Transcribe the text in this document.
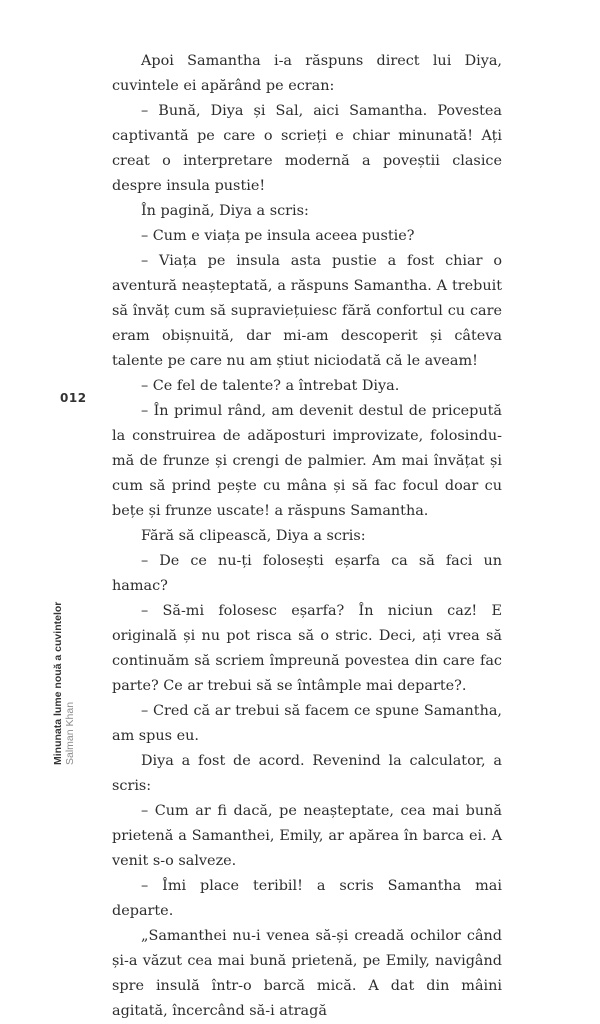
012
Minunata lume nouă a cuvintelor Salman Khan

Apoi Samantha i-a răspuns direct lui Diya, cuvintele ei apărând pe ecran:

– Bună, Diya și Sal, aici Samantha. Povestea captivantă pe care o scrieți e chiar minunată! Ați creat o interpretare modernă a poveștii clasice despre insula pustie!

În pagină, Diya a scris:

– Cum e viața pe insula aceea pustie?

– Viața pe insula asta pustie a fost chiar o aventură neașteptată, a răspuns Samantha. A trebuit să învăț cum să supraviețuiesc fără confortul cu care eram obișnuită, dar mi-am descoperit și câteva talente pe care nu am știut niciodată că le aveam!

– Ce fel de talente? a întrebat Diya.

– În primul rând, am devenit destul de pricepută la construirea de adăposturi improvizate, folosindu-mă de frunze și crengi de palmier. Am mai învățat și cum să prind pește cu mâna și să fac focul doar cu bețe și frunze uscate! a răspuns Samantha.

Fără să clipească, Diya a scris:

– De ce nu-ți folosești eșarfa ca să faci un hamac?

– Să-mi folosesc eșarfa? În niciun caz! E originală și nu pot risca să o stric. Deci, ați vrea să continuăm să scriem împreună povestea din care fac parte? Ce ar trebui să se întâmple mai departe?.

– Cred că ar trebui să facem ce spune Samantha, am spus eu.

Diya a fost de acord. Revenind la calculator, a scris:

– Cum ar fi dacă, pe neașteptate, cea mai bună prietenă a Samanthei, Emily, ar apărea în barca ei. A venit s-o salveze.

– Îmi place teribil! a scris Samantha mai departe.

„Samanthei nu-i venea să-și creadă ochilor când și-a văzut cea mai bună prietenă, pe Emily, navigând spre insulă într-o barcă mică. A dat din mâini agitată, încercând să-i atragă
